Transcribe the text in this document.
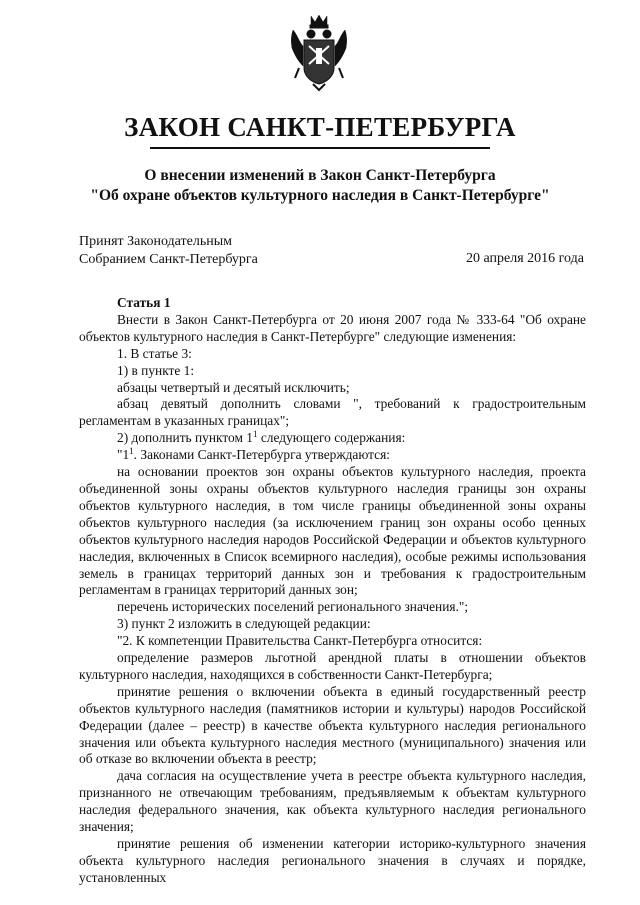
ЗАКОН САНКТ-ПЕТЕРБУРГА
О внесении изменений в Закон Санкт-Петербурга
"Об охране объектов культурного наследия в Санкт-Петербурге"
Принят Законодательным
Собранием Санкт-Петербурга	20 апреля 2016 года
Статья 1
Внести в Закон Санкт-Петербурга от 20 июня 2007 года № 333-64 "Об охране объектов культурного наследия в Санкт-Петербурге" следующие изменения:
1. В статье 3:
1) в пункте 1:
абзацы четвертый и десятый исключить;
абзац девятый дополнить словами ", требований к градостроительным регламентам в указанных границах";
2) дополнить пунктом $1^1$ следующего содержания:
"$1^1$. Законами Санкт-Петербурга утверждаются:
на основании проектов зон охраны объектов культурного наследия, проекта объединенной зоны охраны объектов культурного наследия границы зон охраны объектов культурного наследия, в том числе границы объединенной зоны охраны объектов культурного наследия (за исключением границ зон охраны особо ценных объектов культурного наследия народов Российской Федерации и объектов культурного наследия, включенных в Список всемирного наследия), особые режимы использования земель в границах территорий данных зон и требования к градостроительным регламентам в границах территорий данных зон;
перечень исторических поселений регионального значения.";
3) пункт 2 изложить в следующей редакции:
"2. К компетенции Правительства Санкт-Петербурга относится:
определение размеров льготной арендной платы в отношении объектов культурного наследия, находящихся в собственности Санкт-Петербурга;
принятие решения о включении объекта в единый государственный реестр объектов культурного наследия (памятников истории и культуры) народов Российской Федерации (далее – реестр) в качестве объекта культурного наследия регионального значения или объекта культурного наследия местного (муниципального) значения или об отказе во включении объекта в реестр;
дача согласия на осуществление учета в реестре объекта культурного наследия, признанного не отвечающим требованиям, предъявляемым к объектам культурного наследия федерального значения, как объекта культурного наследия регионального значения;
принятие решения об изменении категории историко-культурного значения объекта культурного наследия регионального значения в случаях и порядке, установленных
